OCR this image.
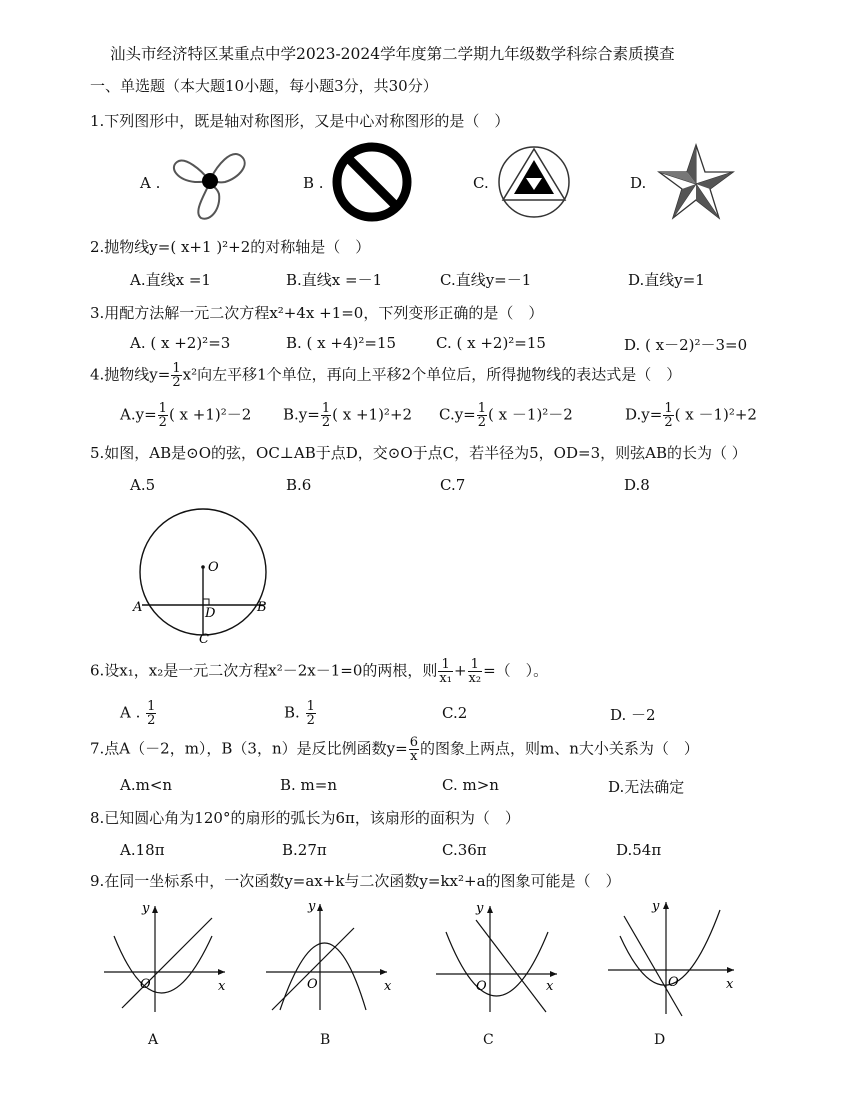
汕头市经济特区某重点中学2023-2024学年度第二学期九年级数学科综合素质摸查
一、单选题（本大题10小题，每小题3分，共30分）
1.下列图形中，既是轴对称图形，又是中心对称图形的是（　）
A .	B .	C.	D.
2.抛物线y=( x+1 )²+2的对称轴是（　）
A.直线x =1	B.直线x =－1	C.直线y=－1	D.直线y=1
3.用配方法解一元二次方程x²+4x +1=0，下列变形正确的是（　）
A. ( x +2)²=3	B. ( x +4)²=15	C. ( x +2)²=15	D. ( x－2)²－3=0
4.抛物线$y= \frac{1}{2} x^2$向左平移1个单位，再向上平移2个单位后，所得抛物线的表达式是（　）
$A.y= \frac{1}{2}$ ( x +1)²－2 $B.y= \frac{1}{2}$ ( x +1)²+2 $C.y= \frac{1}{2}$ ( x －1)²－2	$D.y= \frac{1}{2}$ ( x －1)²+2
5.如图，AB是⊙O的弦，OC⊥AB于点D，交⊙O于点C，若半径为5，OD=3，则弦AB的长为（ ）
A.5	B.6	C.7	D.8
O
A	B
D
C
6.设x₁，x₂是一元二次方程x²－2x－1=0的两根，则 $\frac{1}{\text{x₁}} + \frac{1}{\text{x₂}}$ =（　）。
A . $\frac{1}{2}$	B. $\frac{1}{2}$	C.2	D. －2
7.点A（－2，m），B（3，n）是反比例函数$y= \frac{6}{x}$ 的图象上两点，则m、n大小关系为（　）
A.m<n	B. m=n	C. m>n	D.无法确定
8.已知圆心角为120°的扇形的弧长为6π，该扇形的面积为（　）
A.18π	B.27π	C.36π	D.54π
9.在同一坐标系中，一次函数y=ax+k与二次函数y=kx²+a的图象可能是（　）
y
x
O
y
x
O
y
x
O
y
x
O
A	B	C	D
